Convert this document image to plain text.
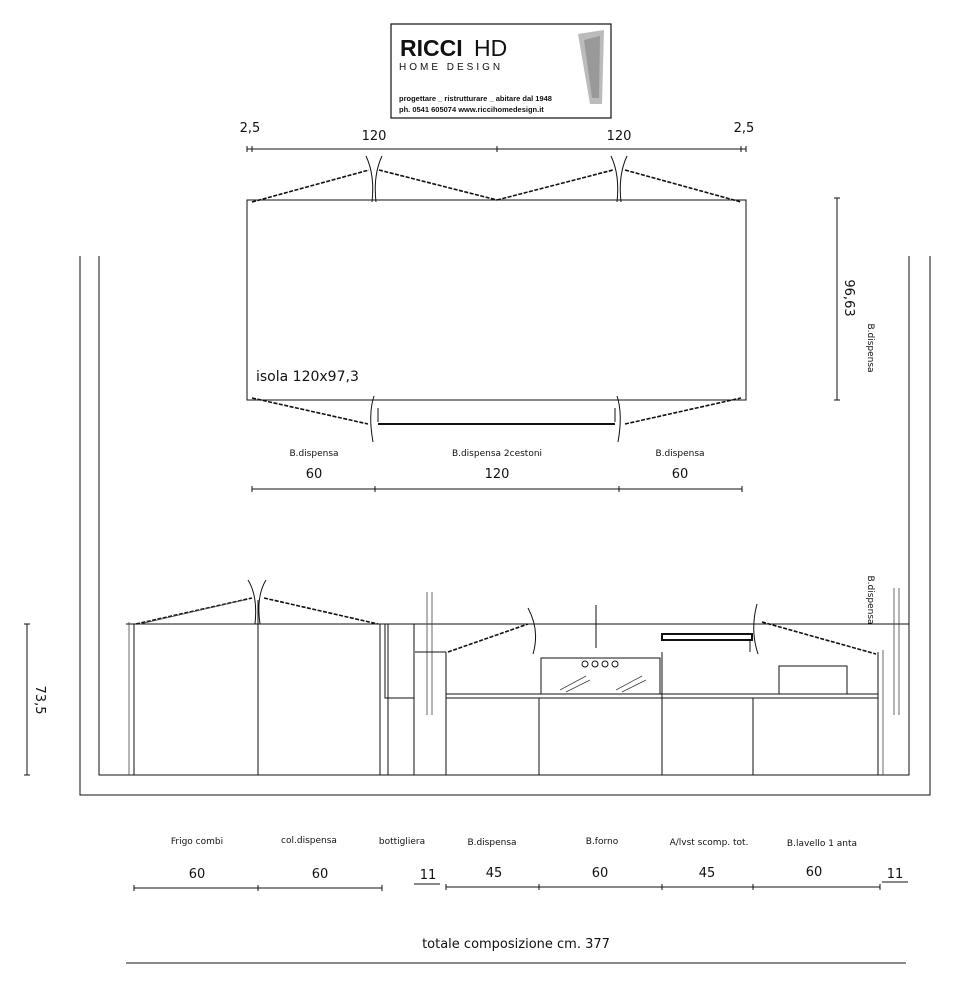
RICCI HD
HOME DESIGN
progettare _ ristrutturare _ abitare dal 1948
ph. 0541 605074 www.riccihomedesign.it
2,5
120	120
2,5
isola 120x97,3
96,63
B.dispensa
B.dispensa	B.dispensa 2cestoni	B.dispensa
60	120	60
B.dispensa
73,5
Frigo combi	col.dispensa	bottigliera	B.dispensa	B.forno	A/lvst scomp. tot.	B.lavello 1 anta
60	60	11	45	60	45	60	11
totale composizione cm. 377
